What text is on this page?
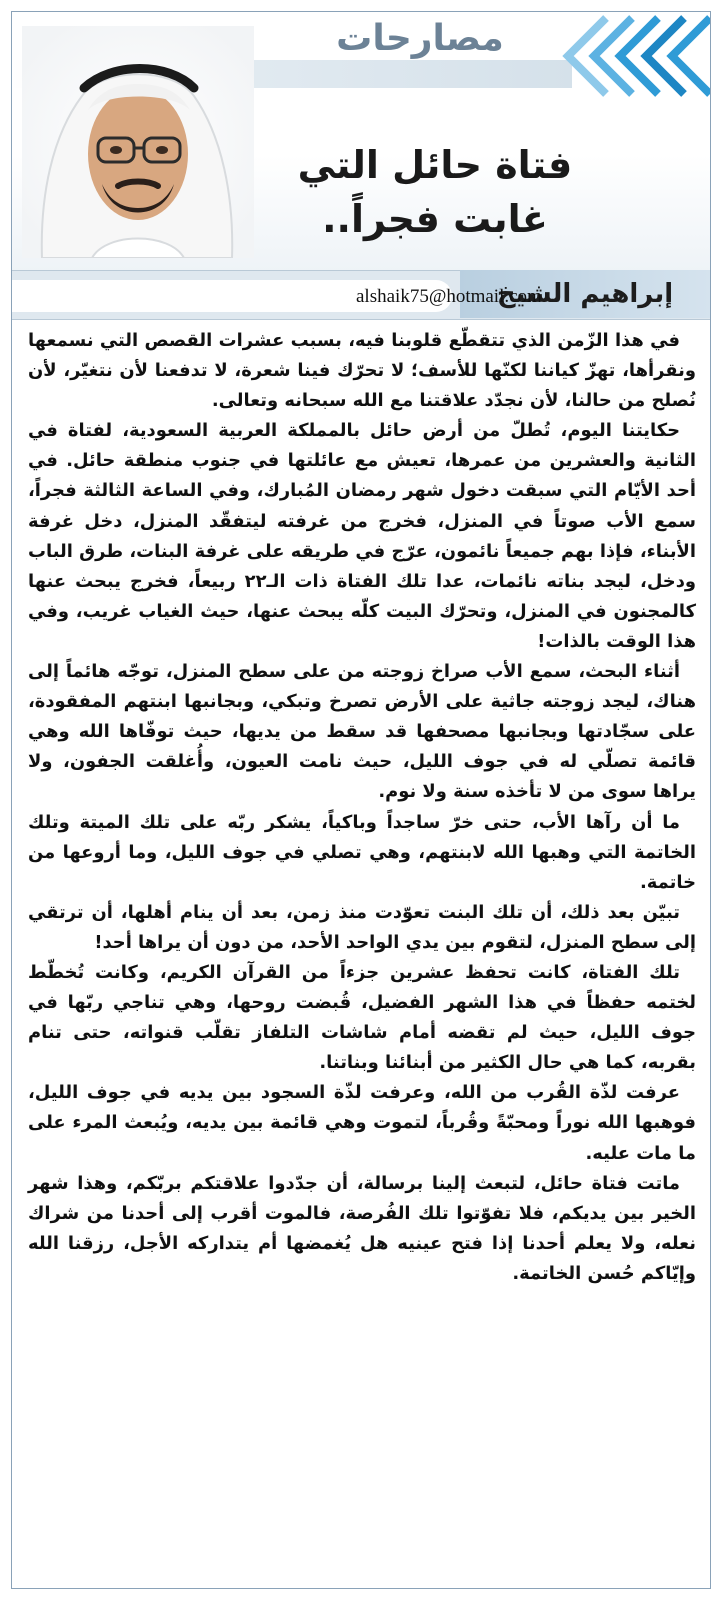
مصارحات
فتاة حائل التي
غابت فجراً..
إبراهيم الشيخ
alshaik75@hotmail.com

في هذا الزّمن الذي تتقطّع قلوبنا فيه، بسبب عشرات القصص التي نسمعها ونقرأها، تهزّ كياننا لكنّها للأسف؛ لا تحرّك فينا شعرة، لا تدفعنا لأن نتغيّر، لأن نُصلح من حالنا، لأن نجدّد علاقتنا مع الله سبحانه وتعالى.

حكايتنا اليوم، تُطلّ من أرض حائل بالمملكة العربية السعودية، لفتاة في الثانية والعشرين من عمرها، تعيش مع عائلتها في جنوب منطقة حائل. في أحد الأيّام التي سبقت دخول شهر رمضان المُبارك، وفي الساعة الثالثة فجراً، سمع الأب صوتاً في المنزل، فخرج من غرفته ليتفقّد المنزل، دخل غرفة الأبناء، فإذا بهم جميعاً نائمون، عرّج في طريقه على غرفة البنات، طرق الباب ودخل، ليجد بناته نائمات، عدا تلك الفتاة ذات الـ٢٢ ربيعاً، فخرج يبحث عنها كالمجنون في المنزل، وتحرّك البيت كلّه يبحث عنها، حيث الغياب غريب، وفي هذا الوقت بالذات!

أثناء البحث، سمع الأب صراخ زوجته من على سطح المنزل، توجّه هائماً إلى هناك، ليجد زوجته جاثية على الأرض تصرخ وتبكي، وبجانبها ابنتهم المفقودة، على سجّادتها وبجانبها مصحفها قد سقط من يديها، حيث توفّاها الله وهي قائمة تصلّي له في جوف الليل، حيث نامت العيون، وأُغلقت الجفون، ولا يراها سوى من لا تأخذه سنة ولا نوم.

ما أن رآها الأب، حتى خرّ ساجداً وباكياً، يشكر ربّه على تلك الميتة وتلك الخاتمة التي وهبها الله لابنتهم، وهي تصلي في جوف الليل، وما أروعها من خاتمة.

تبيّن بعد ذلك، أن تلك البنت تعوّدت منذ زمن، بعد أن ينام أهلها، أن ترتقي إلى سطح المنزل، لتقوم بين يدي الواحد الأحد، من دون أن يراها أحد!

تلك الفتاة، كانت تحفظ عشرين جزءاً من القرآن الكريم، وكانت تُخطّط لختمه حفظاً في هذا الشهر الفضيل، قُبضت روحها، وهي تناجي ربّها في جوف الليل، حيث لم تقضه أمام شاشات التلفاز تقلّب قنواته، حتى تنام بقربه، كما هي حال الكثير من أبنائنا وبناتنا.

عرفت لذّة القُرب من الله، وعرفت لذّة السجود بين يديه في جوف الليل، فوهبها الله نوراً ومحبّةً وقُرباً، لتموت وهي قائمة بين يديه، ويُبعث المرء على ما مات عليه.

ماتت فتاة حائل، لتبعث إلينا برسالة، أن جدّدوا علاقتكم بربّكم، وهذا شهر الخير بين يديكم، فلا تفوّتوا تلك الفُرصة، فالموت أقرب إلى أحدنا من شراك نعله، ولا يعلم أحدنا إذا فتح عينيه هل يُغمضها أم يتداركه الأجل، رزقنا الله وإيّاكم حُسن الخاتمة.
